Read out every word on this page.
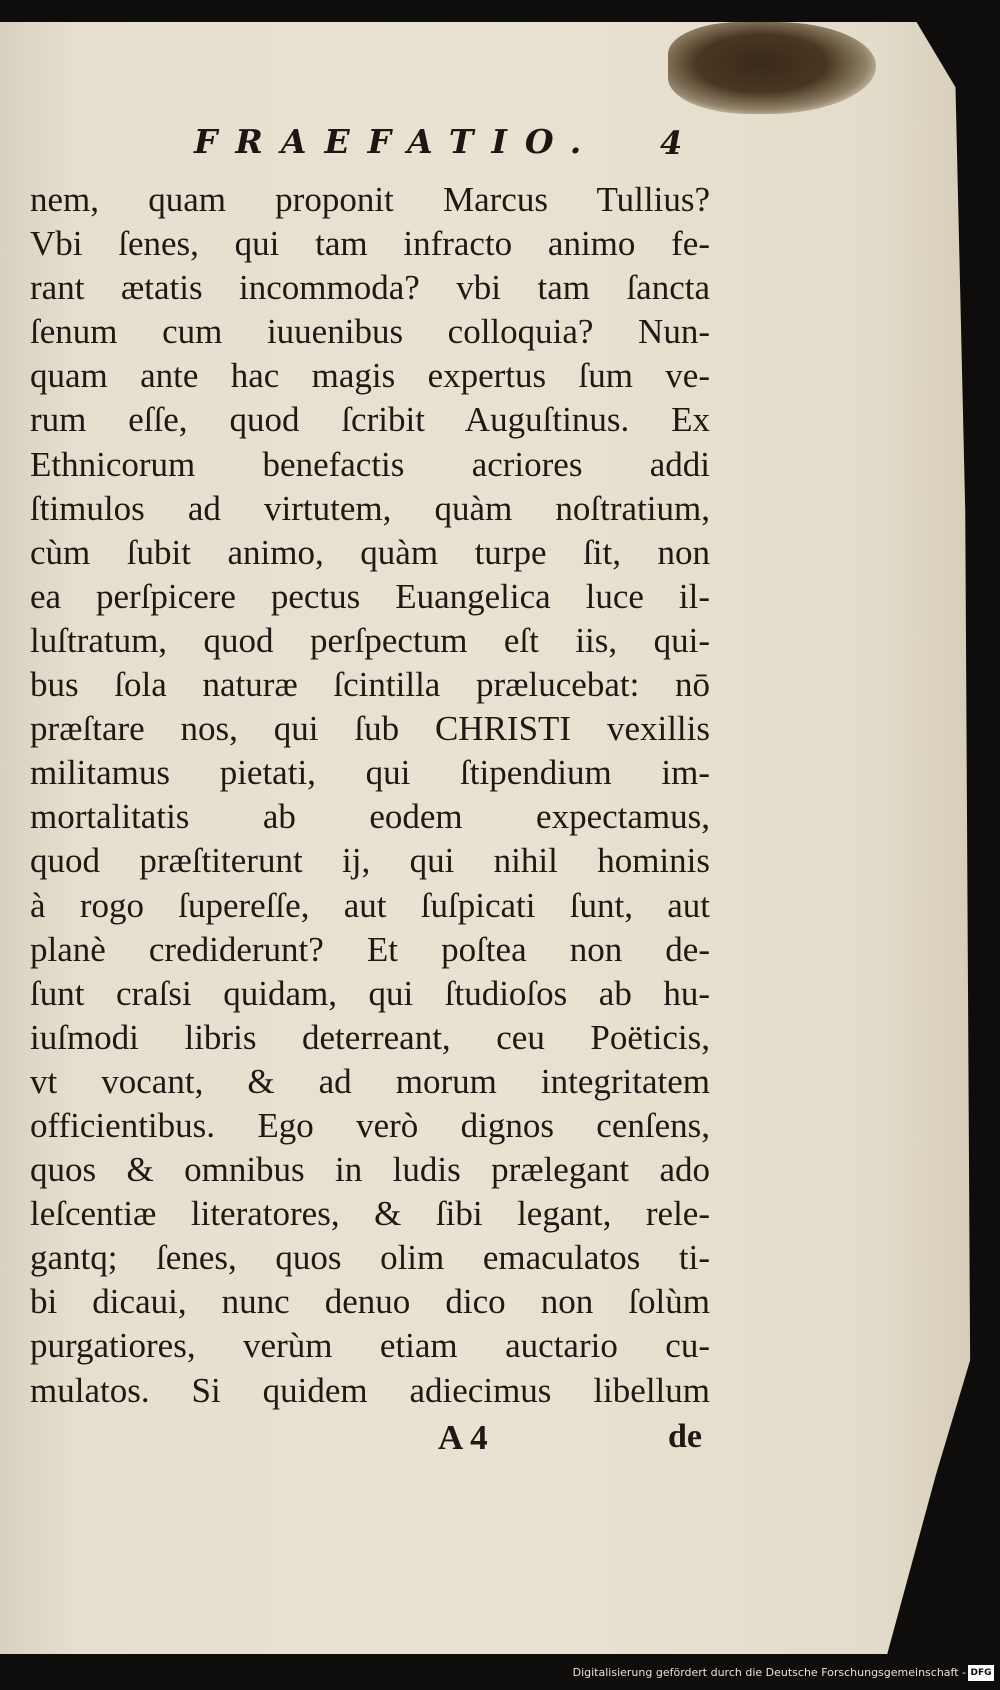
FRAEFATIO.	4
nem, quam proponit Marcus Tullius?
Vbi ſenes, qui tam infracto animo fe-
rant ætatis incommoda? vbi tam ſancta
ſenum cum iuuenibus colloquia? Nun-
quam ante hac magis expertus ſum ve-
rum eſſe, quod ſcribit Auguſtinus. Ex
Ethnicorum benefactis acriores addi
ſtimulos ad virtutem, quàm noſtratium,
cùm ſubit animo, quàm turpe ſit, non
ea perſpicere pectus Euangelica luce il-
luſtratum, quod perſpectum eſt iis, qui-
bus ſola naturæ ſcintilla prælucebat: nō
præſtare nos, qui ſub CHRISTI vexillis
militamus pietati, qui ſtipendium im-
mortalitatis ab eodem expectamus,
quod præſtiterunt ij, qui nihil hominis
à rogo ſupereſſe, aut ſuſpicati ſunt, aut
planè crediderunt? Et poſtea non de-
ſunt craſsi quidam, qui ſtudioſos ab hu-
iuſmodi libris deterreant, ceu Poëticis,
vt vocant, & ad morum integritatem
officientibus. Ego verò dignos cenſens,
quos & omnibus in ludis prælegant ado
leſcentiæ literatores, & ſibi legant, rele-
gantq; ſenes, quos olim emaculatos ti-
bi dicaui, nunc denuo dico non ſolùm
purgatiores, verùm etiam auctario cu-
mulatos. Si quidem adiecimus libellum
A 4	de
Digitalisierung gefördert durch die Deutsche Forschungsgemeinschaft - DFG
